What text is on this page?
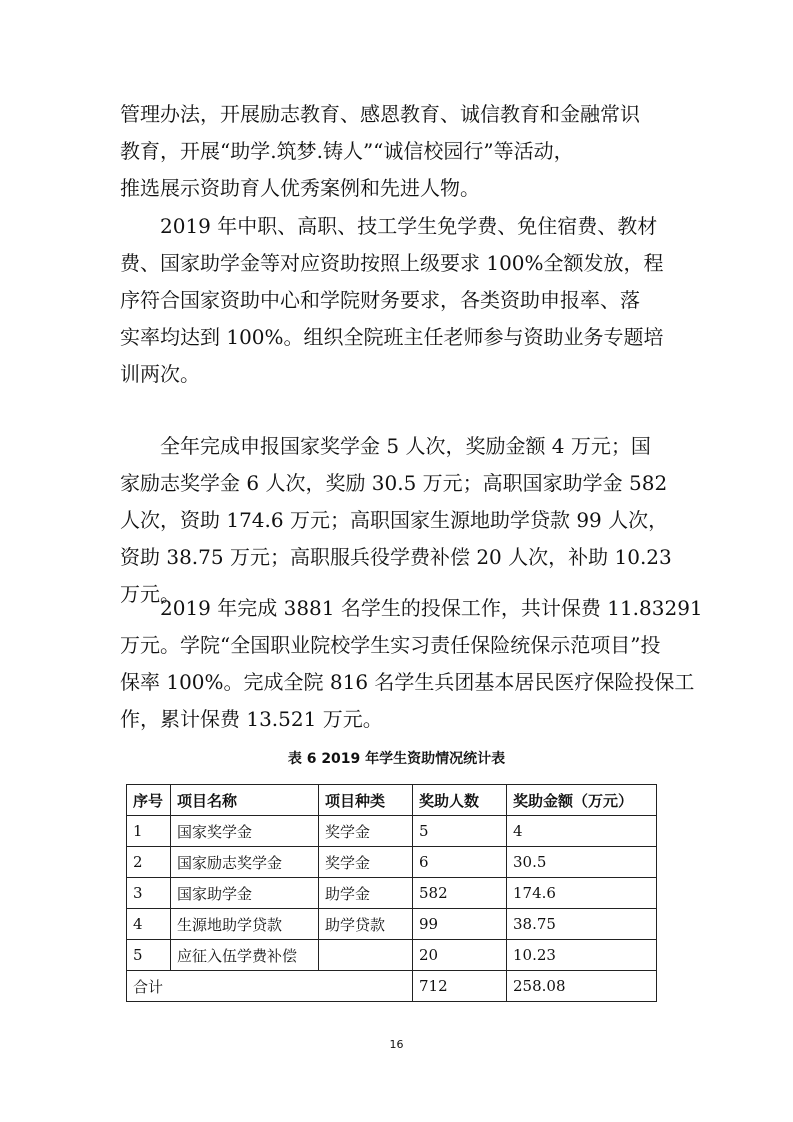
管理办法，开展励志教育、感恩教育、诚信教育和金融常识
教育，开展“助学.筑梦.铸人”“诚信校园行”等活动，
推选展示资助育人优秀案例和先进人物。
2019 年中职、高职、技工学生免学费、免住宿费、教材
费、国家助学金等对应资助按照上级要求 100%全额发放，程
序符合国家资助中心和学院财务要求，各类资助申报率、落
实率均达到 100%。组织全院班主任老师参与资助业务专题培
训两次。
全年完成申报国家奖学金 5 人次，奖励金额 4 万元；国
家励志奖学金 6 人次，奖励 30.5 万元；高职国家助学金 582
人次，资助 174.6 万元；高职国家生源地助学贷款 99 人次，
资助 38.75 万元；高职服兵役学费补偿 20 人次，补助 10.23
万元。
2019 年完成 3881 名学生的投保工作，共计保费 11.83291
万元。学院“全国职业院校学生实习责任保险统保示范项目”投
保率 100%。完成全院 816 名学生兵团基本居民医疗保险投保工
作，累计保费 13.521 万元。
表 6 2019 年学生资助情况统计表
序号	项目名称	项目种类	奖助人数	奖助金额（万元）
1	国家奖学金	奖学金	5	4
2	国家励志奖学金	奖学金	6	30.5
3	国家助学金	助学金	582	174.6
4	生源地助学贷款	助学贷款	99	38.75
5	应征入伍学费补偿		20	10.23
合计			712	258.08
16
